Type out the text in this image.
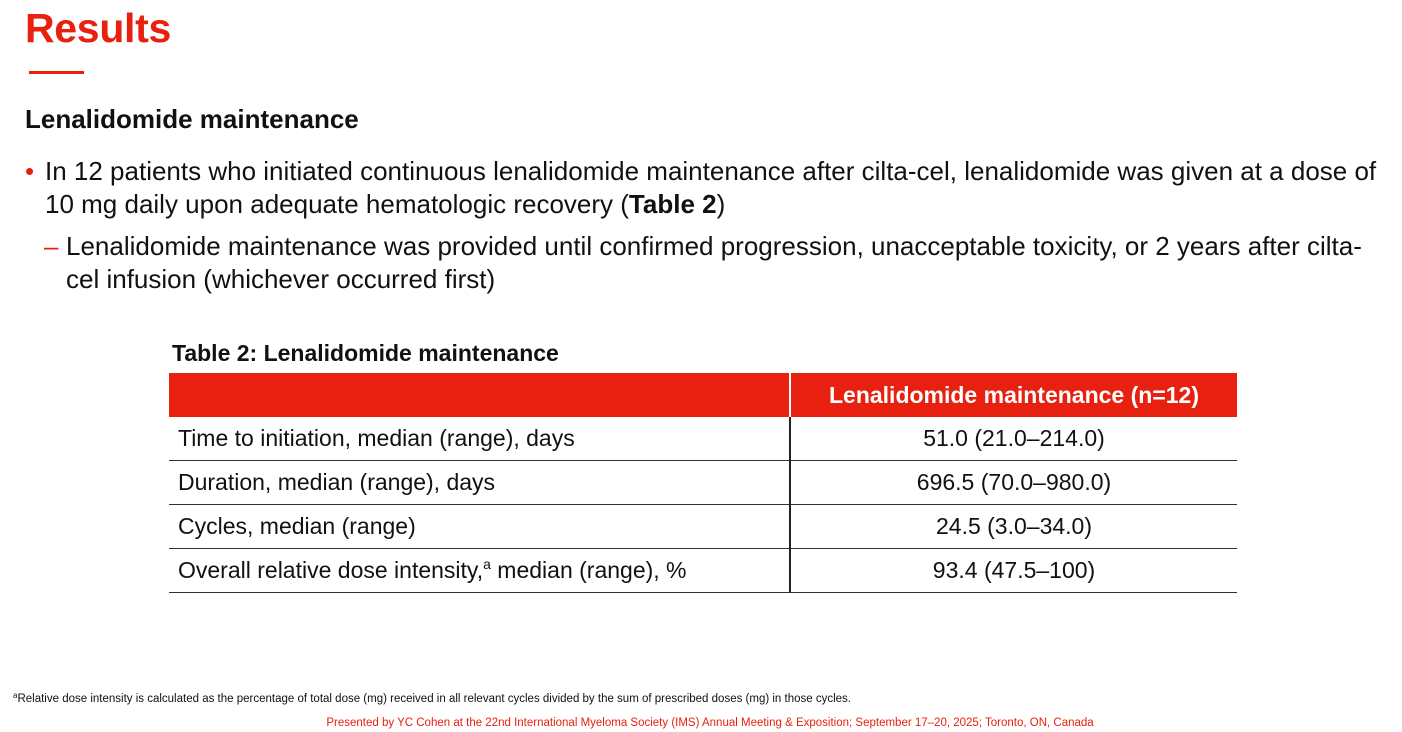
Results
Lenalidomide maintenance
• In 12 patients who initiated continuous lenalidomide maintenance after cilta-cel, lenalidomide was given at a dose of 10 mg daily upon adequate hematologic recovery (Table 2)
– Lenalidomide maintenance was provided until confirmed progression, unacceptable toxicity, or 2 years after cilta-cel infusion (whichever occurred first)
Table 2: Lenalidomide maintenance
	Lenalidomide maintenance (n=12)
Time to initiation, median (range), days	51.0 (21.0–214.0)
Duration, median (range), days	696.5 (70.0–980.0)
Cycles, median (range)	24.5 (3.0–34.0)
Overall relative dose intensity,$^a$ median (range), %	93.4 (47.5–100)
$^a$Relative dose intensity is calculated as the percentage of total dose (mg) received in all relevant cycles divided by the sum of prescribed doses (mg) in those cycles.
Presented by YC Cohen at the 22nd International Myeloma Society (IMS) Annual Meeting & Exposition; September 17–20, 2025; Toronto, ON, Canada
